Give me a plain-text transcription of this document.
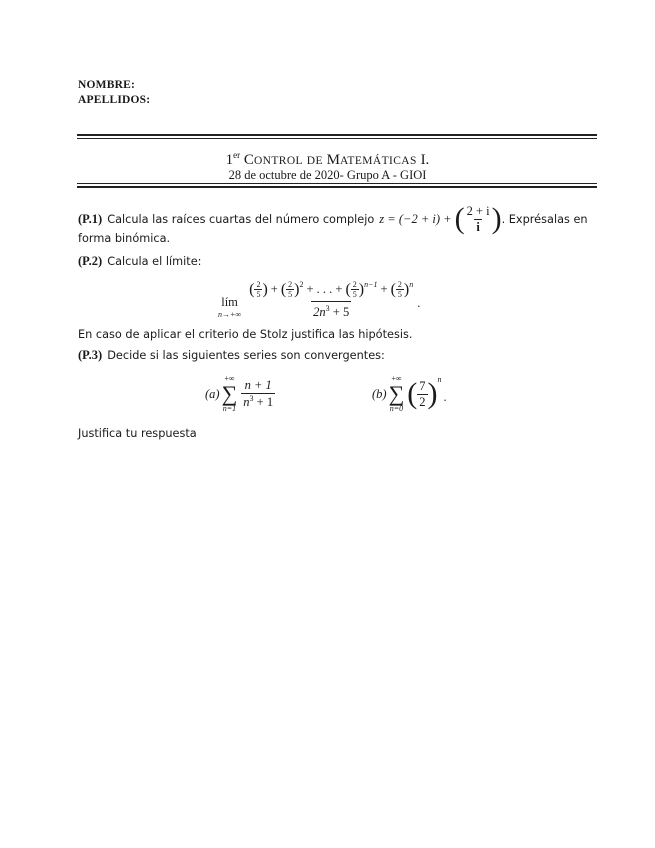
NOMBRE:
APELLIDOS:
1er CONTROL DE MATEMÁTICAS I.
28 de octubre de 2020- Grupo A - GIOI
(P.1) Calcula las raíces cuartas del número complejo z = (−2 + i) + ( $\frac{2 + i}{i}$ ) . Exprésalas en
forma binómica.
(P.2) Calcula el límite:
lím
n→+∞
( $\frac{2}{5}$ ) + ( $\frac{2}{5} )^2$ + . . . + ( $\frac{2}{5} )^{n-1}$ + ( $\frac{2}{5} )^n$
$2n^3 + 5$
.
En caso de aplicar el criterio de Stolz justifica las hipótesis.
(P.3) Decide si las siguientes series son convergentes:
(a)
+∞
∑
$n=1 \frac{n + 1}{n^3 + 1}$	(b)
+∞
∑
n=0 ( $\frac{7}{2} )^n$
.
Justifica tu respuesta
